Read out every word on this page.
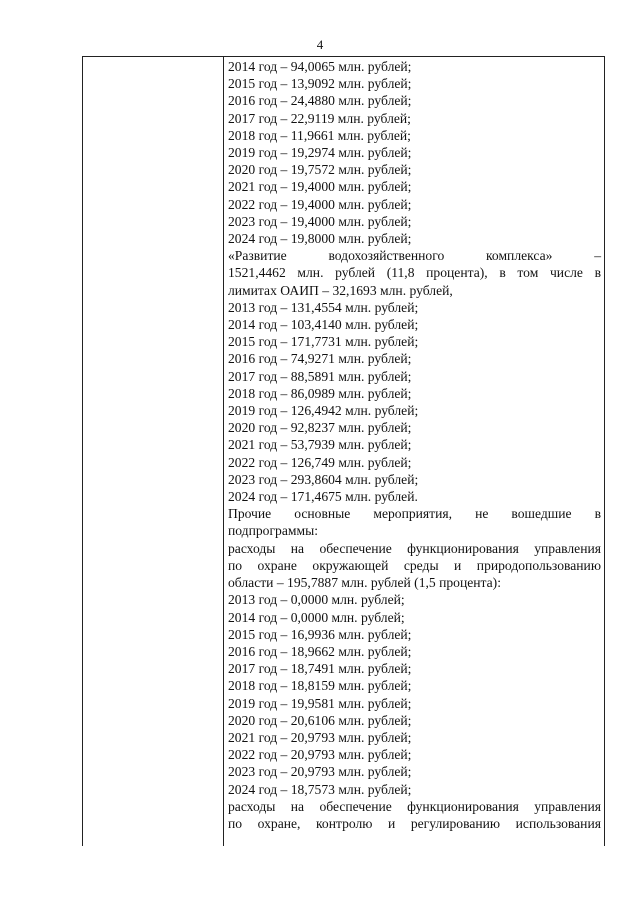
4
2014 год – 94,0065 млн. рублей;
2015 год – 13,9092 млн. рублей;
2016 год – 24,4880 млн. рублей;
2017 год – 22,9119 млн. рублей;
2018 год – 11,9661 млн. рублей;
2019 год – 19,2974 млн. рублей;
2020 год – 19,7572 млн. рублей;
2021 год – 19,4000 млн. рублей;
2022 год – 19,4000 млн. рублей;
2023 год – 19,4000 млн. рублей;
2024 год – 19,8000 млн. рублей;
«Развитие водохозяйственного комплекса» –
1521,4462 млн. рублей (11,8 процента), в том числе в
лимитах ОАИП – 32,1693 млн. рублей,
2013 год – 131,4554 млн. рублей;
2014 год – 103,4140 млн. рублей;
2015 год – 171,7731 млн. рублей;
2016 год – 74,9271 млн. рублей;
2017 год – 88,5891 млн. рублей;
2018 год – 86,0989 млн. рублей;
2019 год – 126,4942 млн. рублей;
2020 год – 92,8237 млн. рублей;
2021 год – 53,7939 млн. рублей;
2022 год – 126,749 млн. рублей;
2023 год – 293,8604 млн. рублей;
2024 год – 171,4675 млн. рублей.
Прочие основные мероприятия, не вошедшие в
подпрограммы:
расходы на обеспечение функционирования управления
по охране окружающей среды и природопользованию
области – 195,7887 млн. рублей (1,5 процента):
2013 год – 0,0000 млн. рублей;
2014 год – 0,0000 млн. рублей;
2015 год – 16,9936 млн. рублей;
2016 год – 18,9662 млн. рублей;
2017 год – 18,7491 млн. рублей;
2018 год – 18,8159 млн. рублей;
2019 год – 19,9581 млн. рублей;
2020 год – 20,6106 млн. рублей;
2021 год – 20,9793 млн. рублей;
2022 год – 20,9793 млн. рублей;
2023 год – 20,9793 млн. рублей;
2024 год – 18,7573 млн. рублей;
расходы на обеспечение функционирования управления
по охране, контролю и регулированию использования
